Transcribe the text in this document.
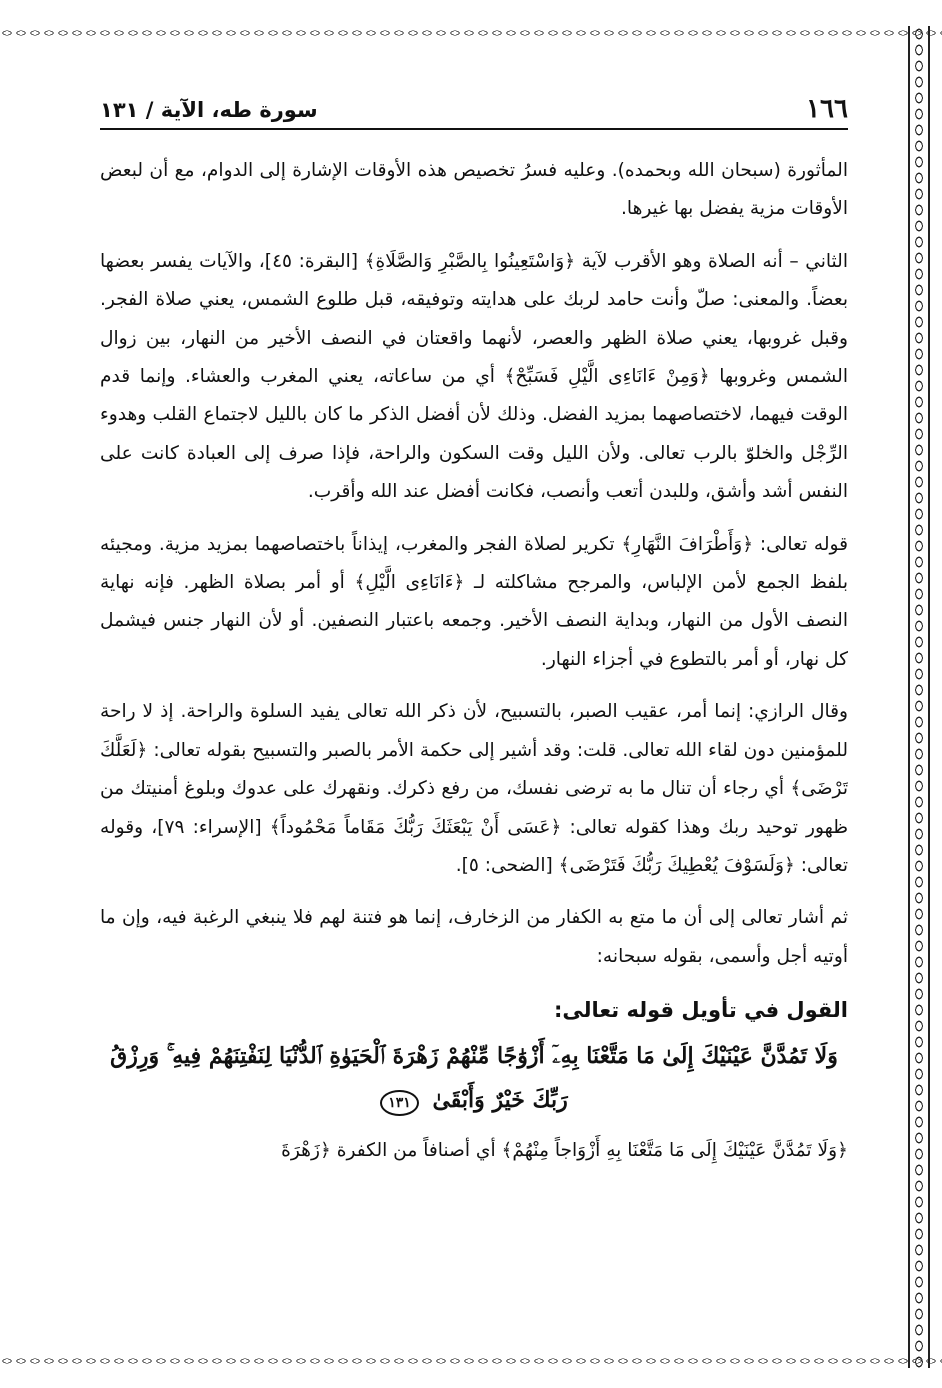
١٦٦
سورة طه، الآية / ١٣١

المأثورة (سبحان الله وبحمده). وعليه فسرُ تخصيص هذه الأوقات الإشارة إلى الدوام، مع أن لبعض الأوقات مزية يفضل بها غيرها.

الثاني – أنه الصلاة وهو الأقرب لآية ﴿وَاسْتَعِينُوا بِالصَّبْرِ وَالصَّلَاةِ﴾ [البقرة: ٤٥]، والآيات يفسر بعضها بعضاً. والمعنى: صلّ وأنت حامد لربك على هدايته وتوفيقه، قبل طلوع الشمس، يعني صلاة الفجر. وقبل غروبها، يعني صلاة الظهر والعصر، لأنهما واقعتان في النصف الأخير من النهار، بين زوال الشمس وغروبها ﴿وَمِنْ ءَانَاءِى الَّيْلِ فَسَبِّحْ﴾ أي من ساعاته، يعني المغرب والعشاء. وإنما قدم الوقت فيهما، لاختصاصهما بمزيد الفضل. وذلك لأن أفضل الذكر ما كان بالليل لاجتماع القلب وهدوء الرِّجْل والخلوّ بالرب تعالى. ولأن الليل وقت السكون والراحة، فإذا صرف إلى العبادة كانت على النفس أشد وأشق، وللبدن أتعب وأنصب، فكانت أفضل عند الله وأقرب.

قوله تعالى: ﴿وَأَطْرَافَ النَّهَارِ﴾ تكرير لصلاة الفجر والمغرب، إيذاناً باختصاصهما بمزيد مزية. ومجيئه بلفظ الجمع لأمن الإلباس، والمرجح مشاكلته لـ ﴿ءَانَاءِى الَّيْلِ﴾ أو أمر بصلاة الظهر. فإنه نهاية النصف الأول من النهار، وبداية النصف الأخير. وجمعه باعتبار النصفين. أو لأن النهار جنس فيشمل كل نهار، أو أمر بالتطوع في أجزاء النهار.

وقال الرازي: إنما أمر، عقيب الصبر، بالتسبيح، لأن ذكر الله تعالى يفيد السلوة والراحة. إذ لا راحة للمؤمنين دون لقاء الله تعالى. قلت: وقد أشير إلى حكمة الأمر بالصبر والتسبيح بقوله تعالى: ﴿لَعَلَّكَ تَرْضَى﴾ أي رجاء أن تنال ما به ترضى نفسك، من رفع ذكرك. ونقهرك على عدوك وبلوغ أمنيتك من ظهور توحيد ربك وهذا كقوله تعالى: ﴿عَسَى أَنْ يَبْعَثَكَ رَبُّكَ مَقَاماً مَحْمُوداً﴾ [الإسراء: ٧٩]، وقوله تعالى: ﴿وَلَسَوْفَ يُعْطِيكَ رَبُّكَ فَتَرْضَى﴾ [الضحى: ٥].

ثم أشار تعالى إلى أن ما متع به الكفار من الزخارف، إنما هو فتنة لهم فلا ينبغي الرغبة فيه، وإن ما أوتيه أجل وأسمى، بقوله سبحانه:

القول في تأويل قوله تعالى:
وَلَا تَمُدَّنَّ عَيْنَيْكَ إِلَىٰ مَا مَتَّعْنَا بِهِۦٓ أَزْوَٰجًا مِّنْهُمْ زَهْرَةَ ٱلْحَيَوٰةِ ٱلدُّنْيَا لِنَفْتِنَهُمْ فِيهِ ۚ وَرِزْقُ
رَبِّكَ خَيْرٌ وَأَبْقَىٰ ١٣١

﴿وَلَا تَمُدَّنَّ عَيْنَيْكَ إِلَى مَا مَتَّعْنَا بِهِ أَزْوَاجاً مِنْهُمْ﴾ أي أصنافاً من الكفرة ﴿زَهْرَةَ
